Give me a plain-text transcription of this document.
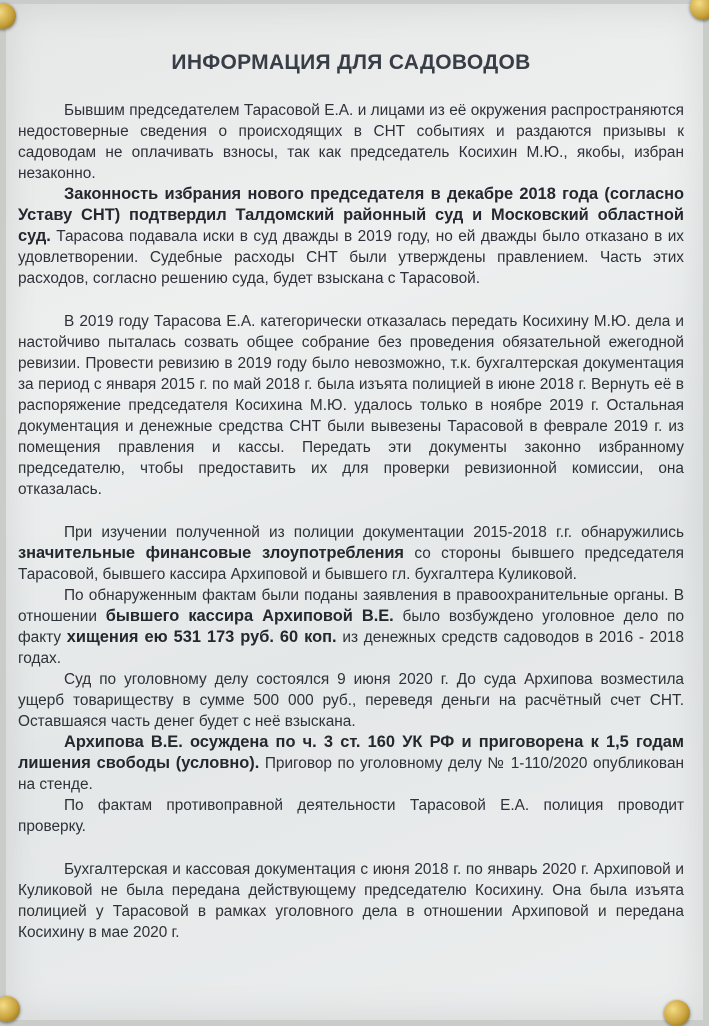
ИНФОРМАЦИЯ ДЛЯ САДОВОДОВ

Бывшим председателем Тарасовой Е.А. и лицами из её окружения распространяются недостоверные сведения о происходящих в СНТ событиях и раздаются призывы к садоводам не оплачивать взносы, так как председатель Косихин М.Ю., якобы, избран незаконно.

Законность избрания нового председателя в декабре 2018 года (согласно Уставу СНТ) подтвердил Талдомский районный суд и Московский областной суд. Тарасова подавала иски в суд дважды в 2019 году, но ей дважды было отказано в их удовлетворении. Судебные расходы СНТ были утверждены правлением. Часть этих расходов, согласно решению суда, будет взыскана с Тарасовой.

В 2019 году Тарасова Е.А. категорически отказалась передать Косихину М.Ю. дела и настойчиво пыталась созвать общее собрание без проведения обязательной ежегодной ревизии. Провести ревизию в 2019 году было невозможно, т.к. бухгалтерская документация за период с января 2015 г. по май 2018 г. была изъята полицией в июне 2018 г. Вернуть её в распоряжение председателя Косихина М.Ю. удалось только в ноябре 2019 г. Остальная документация и денежные средства СНТ были вывезены Тарасовой в феврале 2019 г. из помещения правления и кассы. Передать эти документы законно избранному председателю, чтобы предоставить их для проверки ревизионной комиссии, она отказалась.

При изучении полученной из полиции документации 2015-2018 г.г. обнаружились значительные финансовые злоупотребления со стороны бывшего председателя Тарасовой, бывшего кассира Архиповой и бывшего гл. бухгалтера Куликовой.

По обнаруженным фактам были поданы заявления в правоохранительные органы. В отношении бывшего кассира Архиповой В.Е. было возбуждено уголовное дело по факту хищения ею 531 173 руб. 60 коп. из денежных средств садоводов в 2016 - 2018 годах.

Суд по уголовному делу состоялся 9 июня 2020 г. До суда Архипова возместила ущерб товариществу в сумме 500 000 руб., переведя деньги на расчётный счет СНТ. Оставшаяся часть денег будет с неё взыскана.

Архипова В.Е. осуждена по ч. 3 ст. 160 УК РФ и приговорена к 1,5 годам лишения свободы (условно). Приговор по уголовному делу № 1-110/2020 опубликован на стенде.

По фактам противоправной деятельности Тарасовой Е.А. полиция проводит проверку.

Бухгалтерская и кассовая документация с июня 2018 г. по январь 2020 г. Архиповой и Куликовой не была передана действующему председателю Косихину. Она была изъята полицией у Тарасовой в рамках уголовного дела в отношении Архиповой и передана Косихину в мае 2020 г.
